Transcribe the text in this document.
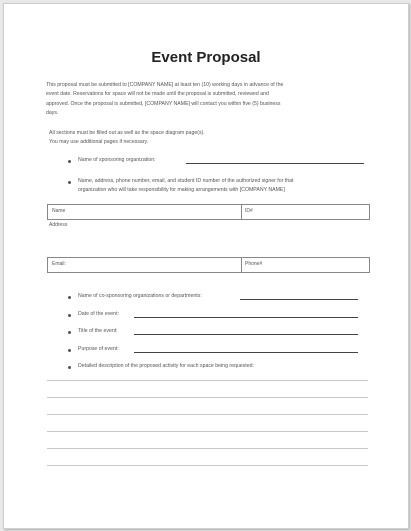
Event Proposal
This proposal must be submitted to [COMPANY NAME] at least ten (10) working days in advance of the
event date. Reservations for space will not be made until the proposal is submitted, reviewed and
approved. Once the proposal is submitted, [COMPANY NAME] will contact you within five (5) business
days.
All sections must be filled out as well as the space diagram page(s).
You may use additional pages if necessary.
Name of sponsoring organization:
Name, address, phone number, email, and student ID number of the authorized signer for that
organization who will take responsibility for making arrangements with [COMPANY NAME]
Name	ID#
Address
Email:	Phone#
Name of co-sponsoring organizations or departments:
Date of the event:
Title of the event:
Purpose of event:
Detailed description of the proposed activity for each space being requested:
